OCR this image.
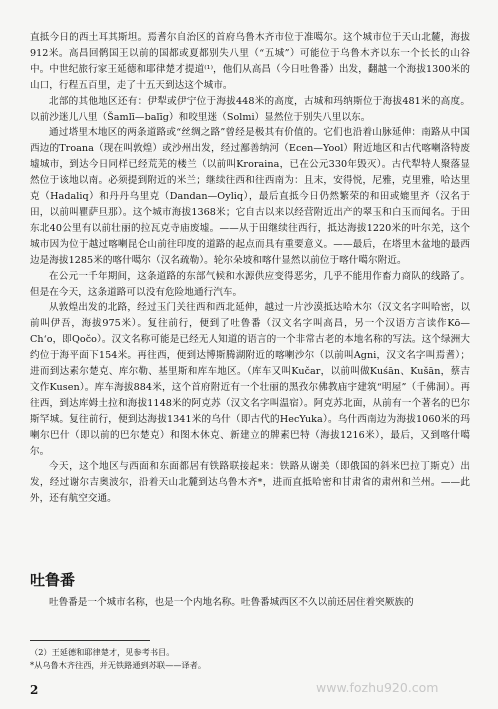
直抵今日的西土耳其斯坦。焉耆尔自治区的首府乌鲁木齐市位于准噶尔。这个城市位于天山北麓，海拔912米。高昌回鹘国王以前的国都或夏都别失八里（“五城”）可能位于乌鲁木齐以东一个长长的山谷中。中世纪旅行家王延德和耶律楚才提道⁽¹⁾，他们从高昌（今日吐鲁番）出发，翻越一个海拔1300米的山口，行程五百里，走了十五天到达这个城市。

北部的其他地区还有：伊犁或伊宁位于海拔448米的高度，古城和玛纳斯位于海拔481米的高度。以前沙迷儿八里（Šamlī—balīg）和咬里迷（Solmi）显然位于别失八里以东。

通过塔里木地区的两条道路或“丝绸之路”曾经是极其有价值的。它们也沿着山脉延伸：南路从中国西边的Troana（现在叫敦煌）或沙州出发，经过鄯善纳河（Ecen—Yool）附近地区和古代喀喇洛特废墟城市，到达今日同样已经荒芜的楼兰（以前叫Kroraina，已在公元330年毁灭）。古代犁特人聚落显然位于该地以南。必须提到附近的米兰；继续往西和往西南为：且末，安得悦，尼雅，克里雅，哈达里克（Hadaliq）和丹丹乌里克（Dandan—Oyliq），最后直抵今日仍然繁荣的和田或媲里齐（汉名于田，以前叫瞿萨旦那）。这个城市海拔1368米；它自古以来以经营附近出产的翠玉和白玉而闻名。于田东北40公里有以前壮丽的拉瓦克寺庙废墟。——从于田继续往西行，抵达海拔1220米的叶尔羌，这个城市因为位于越过喀喇昆仑山前往印度的道路的起点而具有重要意义。——最后，在塔里木盆地的最西边是海拔1285米的喀什噶尔（汉名疏勒）。轮尔朵坡和喀什显然以前位于喀什噶尔附近。

在公元一千年期间，这条道路的东部气候和水源供应变得恶劣，几乎不能用作畜力商队的线路了。但是在今天，这条道路可以没有危险地通行汽车。

从敦煌出发的北路，经过玉门关往西和西北延伸，越过一片沙漠抵达哈木尔（汉文名字叫哈密，以前叫伊吾，海拔975米）。复往前行，便到了吐鲁番（汉文名字叫高昌，另一个汉语方言读作Kō—Ch‘o，即Qočo）。汉文名称可能是已经无人知道的语言的一个非常古老的本地名称的写法。这个绿洲大约位于海平面下154米。再往西，便到达博斯腾湖附近的喀喇沙尔（以前叫Agni，汉文名字叫焉耆）；进而到达素尔楚克、库尔勒、基里斯和库车地区。（库车又叫Kučar，以前叫做Kuśān、Kušān，蔡吉文作Kusen）。库车海拔884米，这个首府附近有一个壮丽的黑孜尔佛教庙宇建筑“明屋”（千佛洞）。再往西，到达库姆土拉和海拔1148米的阿克苏（汉文名字叫温宿）。阿克苏北面，从前有一个著名的巴尔斯罕城。复往前行，便到达海拔1341米的乌什（即古代的HecYuka）。乌什西南边为海拔1060米的玛喇尔巴什（即以前的巴尔楚克）和图木休克、新建立的牌素巴特（海拔1216米），最后，又到喀什噶尔。

今天，这个地区与西面和东面都居有铁路联接起来：铁路从谢美（即俄国的斜米巴拉丁斯克）出发，经过谢尔吉奥波尔，沿着天山北麓到达乌鲁木齐*，进而直抵哈密和甘肃省的肃州和兰州。——此外，还有航空交通。

吐鲁番
吐鲁番是一个城市名称，也是一个内地名称。吐鲁番城西区不久以前还居住着突厥族的

（2）王延德和耶律楚才，见参考书目。

*从乌鲁木齐往西，并无铁路通到苏联——译者。

2	www.fozhu920.com
